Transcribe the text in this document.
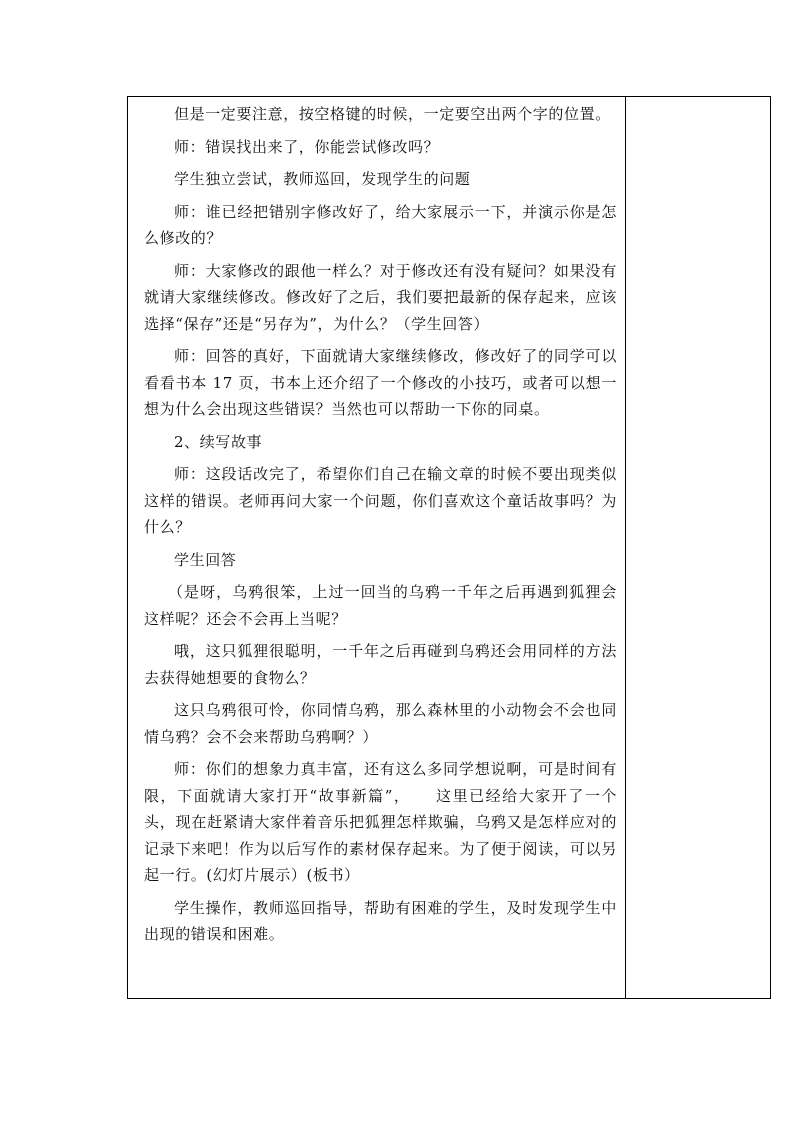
但是一定要注意，按空格键的时候，一定要空出两个字的位置。

师：错误找出来了，你能尝试修改吗？

学生独立尝试，教师巡回，发现学生的问题

师：谁已经把错别字修改好了，给大家展示一下，并演示你是怎么修改的？

师：大家修改的跟他一样么？对于修改还有没有疑问？如果没有就请大家继续修改。修改好了之后，我们要把最新的保存起来，应该选择“保存”还是“另存为”，为什么？（学生回答）

师：回答的真好，下面就请大家继续修改，修改好了的同学可以看看书本 17 页，书本上还介绍了一个修改的小技巧，或者可以想一想为什么会出现这些错误？当然也可以帮助一下你的同桌。

2、续写故事

师：这段话改完了，希望你们自己在输文章的时候不要出现类似这样的错误。老师再问大家一个问题，你们喜欢这个童话故事吗？为什么？

学生回答

（是呀，乌鸦很笨，上过一回当的乌鸦一千年之后再遇到狐狸会这样呢？还会不会再上当呢？

哦，这只狐狸很聪明，一千年之后再碰到乌鸦还会用同样的方法去获得她想要的食物么？

这只乌鸦很可怜，你同情乌鸦，那么森林里的小动物会不会也同情乌鸦？会不会来帮助乌鸦啊？）

师：你们的想象力真丰富，还有这么多同学想说啊，可是时间有限，下面就请大家打开“故事新篇”，　　这里已经给大家开了一个头，现在赶紧请大家伴着音乐把狐狸怎样欺骗，乌鸦又是怎样应对的记录下来吧！作为以后写作的素材保存起来。为了便于阅读，可以另起一行。(幻灯片展示）(板书）

学生操作，教师巡回指导，帮助有困难的学生，及时发现学生中出现的错误和困难。
